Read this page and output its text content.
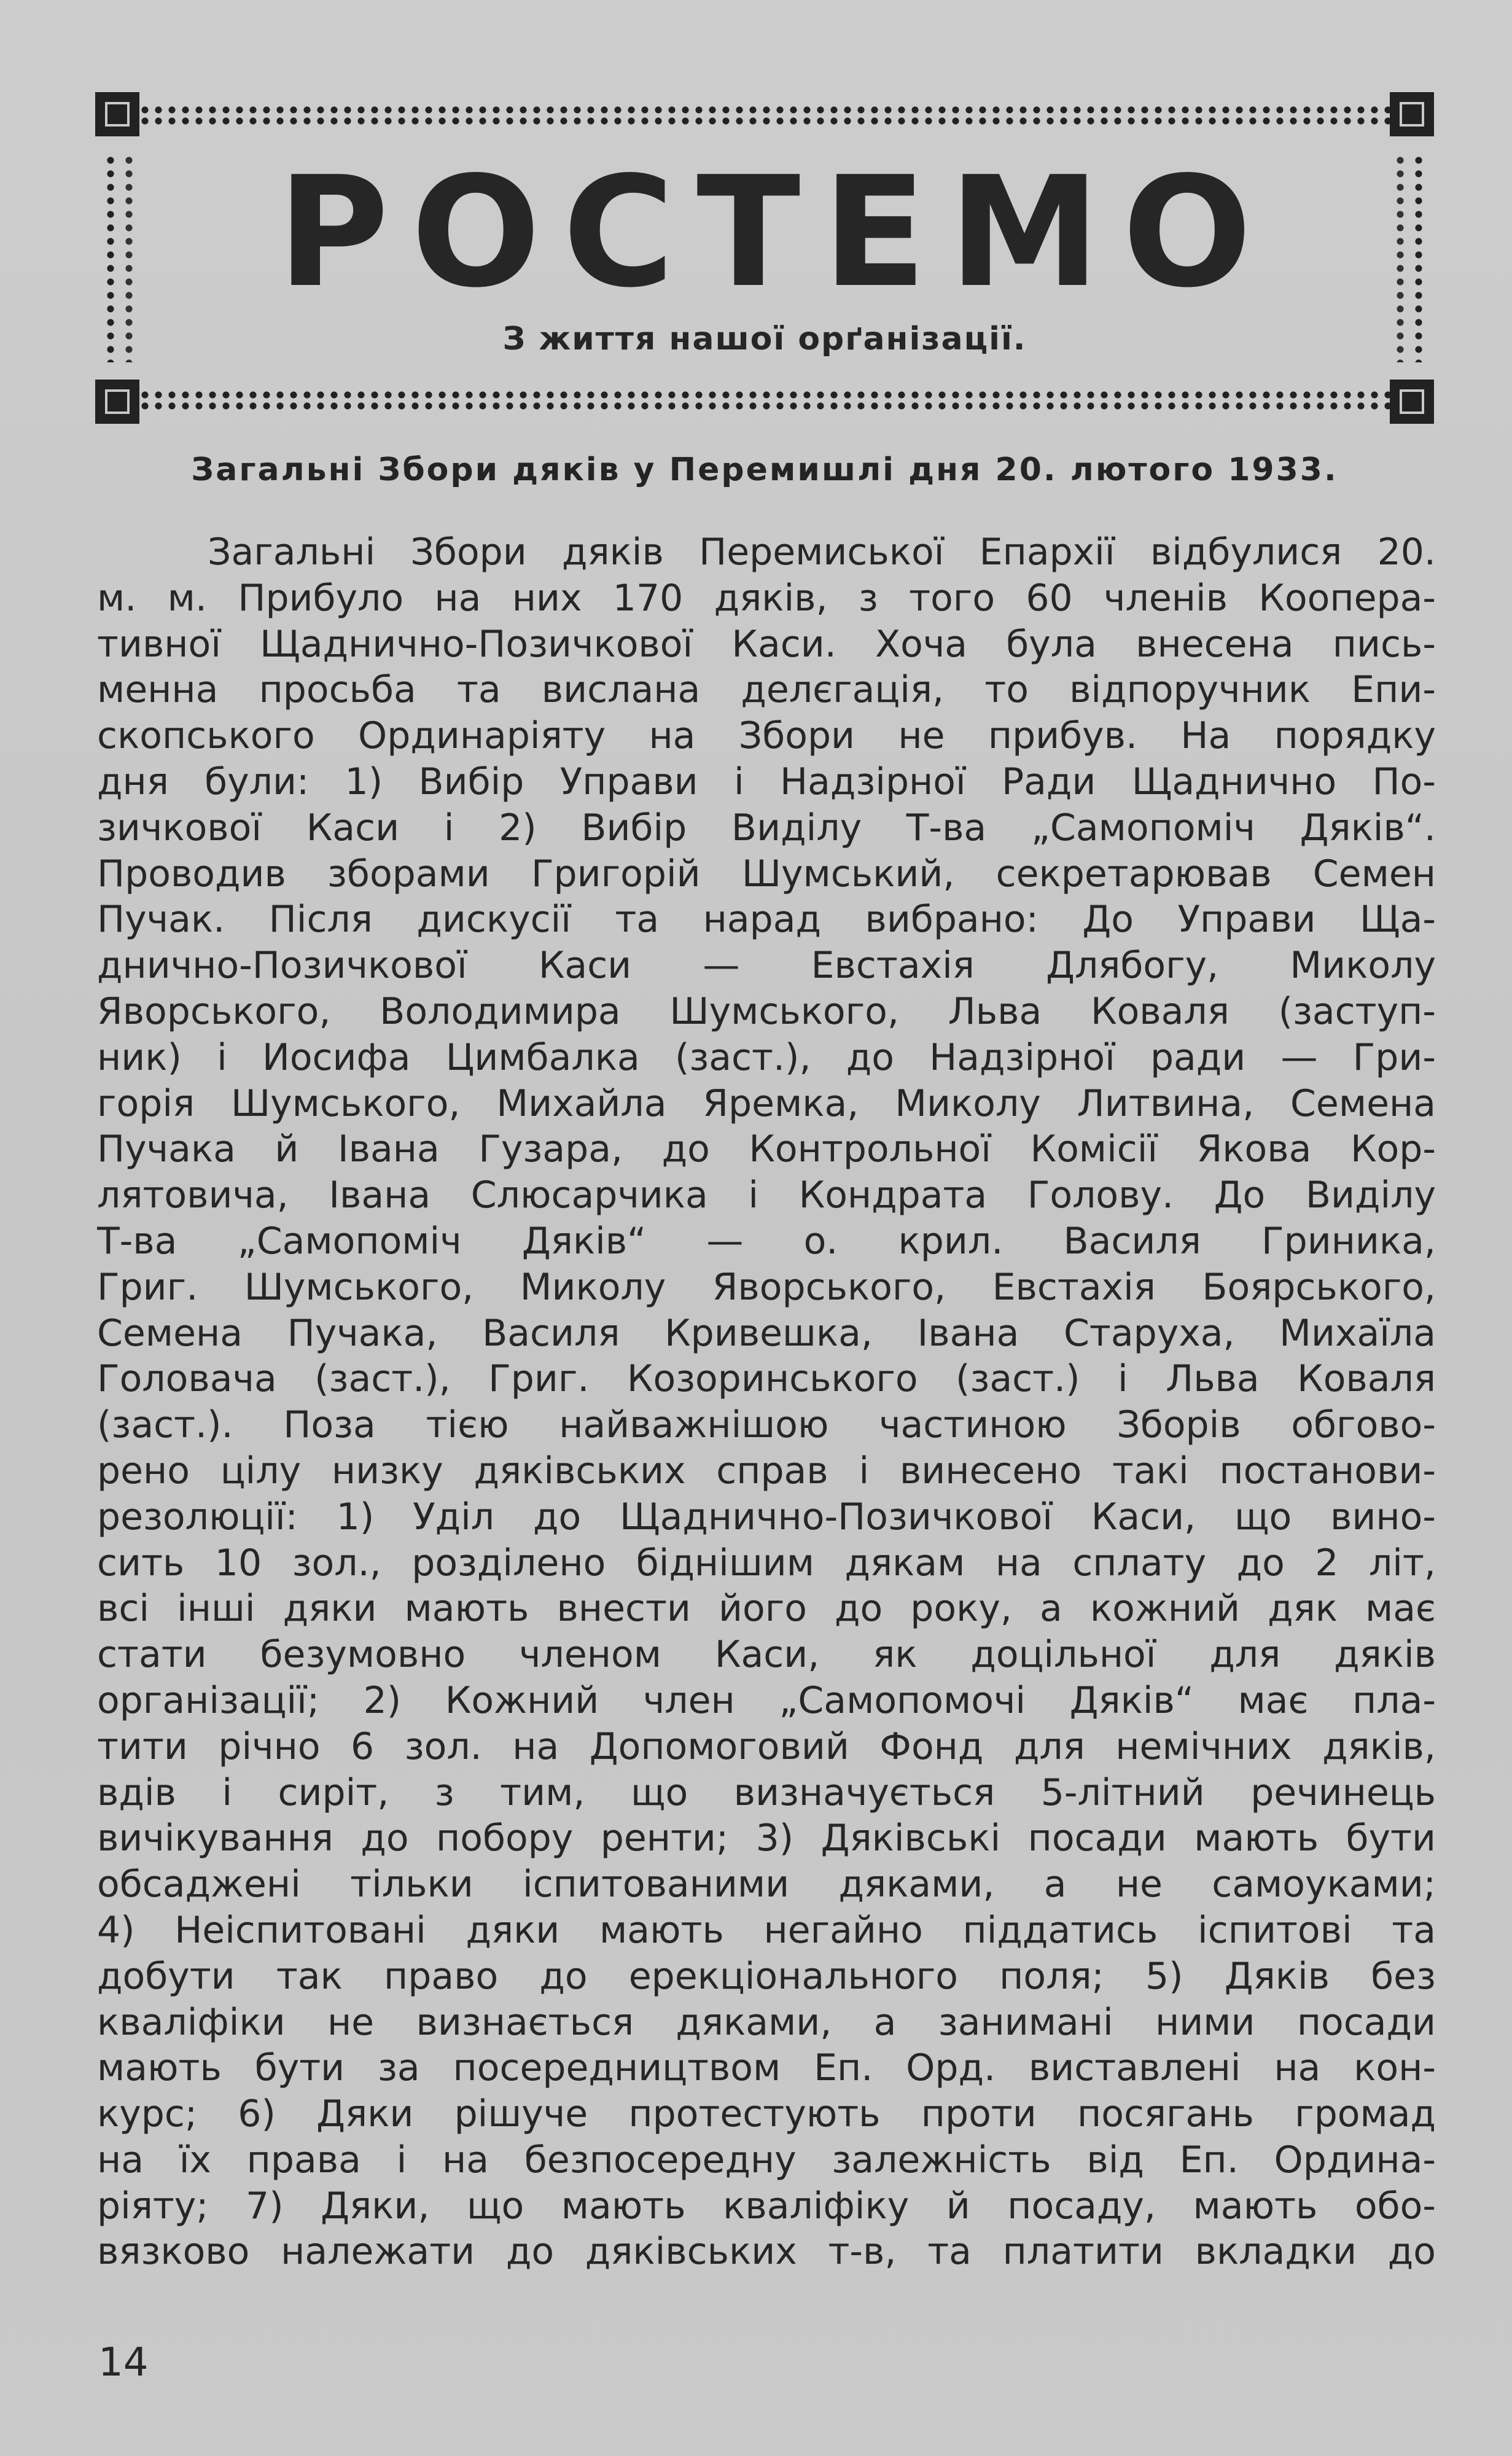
РОСТЕМО
З життя нашої орґанізації.
Загальні Збори дяків у Перемишлі дня 20. лютого 1933.
Загальні Збори дяків Перемиської Епархії відбулися 20.
м. м. Прибуло на них 170 дяків, з того 60 членів Коопера-
тивної Щаднично-Позичкової Каси. Хоча була внесена пись-
менна просьба та вислана делєгація, то відпоручник Епи-
скопського Ординаріяту на Збори не прибув. На порядку
дня були: 1) Вибір Управи і Надзірної Ради Щаднично По-
зичкової Каси і 2) Вибір Виділу Т-ва „Самопоміч Дяків“.
Проводив зборами Григорій Шумський, секретарював Семен
Пучак. Після дискусії та нарад вибрано: До Управи Ща-
днично-Позичкової Каси — Евстахія Длябогу, Миколу
Яворського, Володимира Шумського, Льва Коваля (заступ-
ник) і Иосифа Цимбалка (заст.), до Надзірної ради — Гри-
горія Шумського, Михайла Яремка, Миколу Литвина, Семена
Пучака й Івана Гузара, до Контрольної Комісії Якова Кор-
лятовича, Івана Слюсарчика і Кондрата Голову. До Виділу
Т-ва „Самопоміч Дяків“ — о. крил. Василя Гриника,
Григ. Шумського, Миколу Яворського, Евстахія Боярського,
Семена Пучака, Василя Кривешка, Івана Старуха, Михаїла
Головача (заст.), Григ. Козоринського (заст.) і Льва Коваля
(заст.). Поза тією найважнішою частиною Зборів обгово-
рено цілу низку дяківських справ і винесено такі постанови-
резолюції: 1) Уділ до Щаднично-Позичкової Каси, що вино-
сить 10 зол., розділено біднішим дякам на сплату до 2 літ,
всі інші дяки мають внести його до року, а кожний дяк має
стати безумовно членом Каси, як доцільної для дяків
організації; 2) Кожний член „Самопомочі Дяків“ має пла-
тити річно 6 зол. на Допомоговий Фонд для немічних дяків,
вдів і сиріт, з тим, що визначується 5-літний речинець
вичікування до побору ренти; 3) Дяківські посади мають бути
обсаджені тільки іспитованими дяками, а не самоуками;
4) Неіспитовані дяки мають негайно піддатись іспитові та
добути так право до ерекціонального поля; 5) Дяків без
кваліфіки не визнається дяками, а занимані ними посади
мають бути за посередництвом Еп. Орд. виставлені на кон-
курс; 6) Дяки рішуче протестують проти посягань громад
на їх права і на безпосередну залежність від Еп. Ордина-
ріяту; 7) Дяки, що мають кваліфіку й посаду, мають обо-
вязково належати до дяківських т-в, та платити вкладки до
14
